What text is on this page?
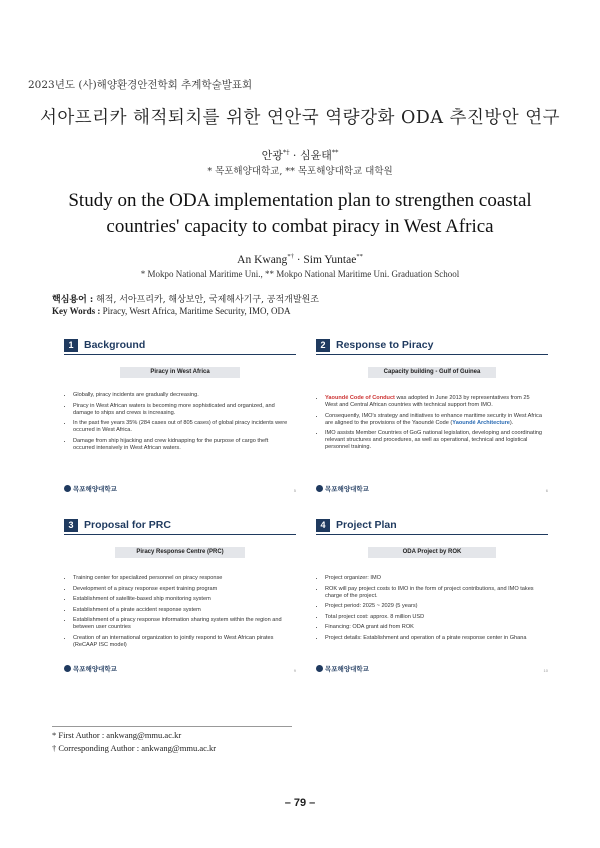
2023년도 (사)해양환경안전학회 추계학술발표회
서아프리카 해적퇴치를 위한 연안국 역량강화 ODA 추진방안 연구
안광*† · 심윤태**
* 목포해양대학교, ** 목포해양대학교 대학원
Study on the ODA implementation plan to strengthen coastal countries' capacity to combat piracy in West Africa
An Kwang*† · Sim Yuntae**
* Mokpo National Maritime Uni., ** Mokpo National Maritime Uni. Graduation School
핵심용어 : 해적, 서아프리카, 해상보안, 국제해사기구, 공적개발원조
Key Words : Piracy, Wesrt Africa, Maritime Security, IMO, ODA
1	Background
Piracy in West Africa
• Globally, piracy incidents are gradually decreasing.
• Piracy in West African waters is becoming more sophisticated and organized, and damage to ships and crews is increasing.
• In the past five years 35% (284 cases out of 805 cases) of global piracy incidents were occurred in West Africa.
• Damage from ship hijacking and crew kidnapping for the purpose of cargo theft occurred intensively in West African waters.
목포해양대학교	5
2	Response to Piracy
Capacity building - Gulf of Guinea
• Yaoundé Code of Conduct was adopted in June 2013 by representatives from 25 West and Central African countries with technical support from IMO.
• Consequently, IMO's strategy and initiatives to enhance maritime security in West Africa are aligned to the provisions of the Yaoundé Code (Yaoundé Architecture).
• IMO assists Member Countries of GoG national legislation, developing and coordinating relevant structures and procedures, as well as operational, technical and logistical personnel training.
목포해양대학교	6
3	Proposal for PRC
Piracy Response Centre (PRC)
• Training center for specialized personnel on piracy response
• Development of a piracy response expert training program
• Establishment of satellite-based ship monitoring system
• Establishment of a pirate accident response system
• Establishment of a piracy response information sharing system within the region and between user countries
• Creation of an international organization to jointly respond to West African pirates (ReCAAP ISC model)
목포해양대학교	9
4	Project Plan
ODA Project by ROK
• Project organizer: IMO
• ROK will pay project costs to IMO in the form of project contributions, and IMO takes charge of the project.
• Project period: 2025 ~ 2029 (5 years)
• Total project cost: approx. 8 million USD
• Financing: ODA grant aid from ROK
• Project details: Establishment and operation of a pirate response center in Ghana
목포해양대학교	10
* First Author : ankwang@mmu.ac.kr
† Corresponding Author : ankwang@mmu.ac.kr
– 79 –
